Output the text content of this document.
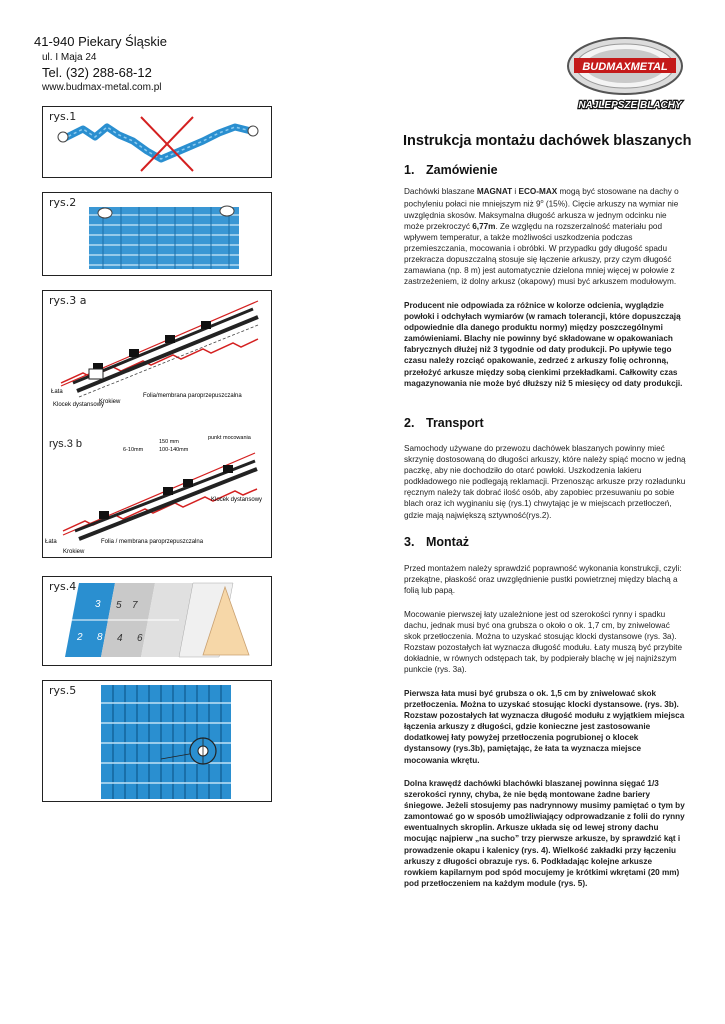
41-940 Piekary Śląskie
ul. I Maja 24
Tel. (32) 288-68-12
www.budmax-metal.com.pl
BUDMAXMETAL
NAJLEPSZE BLACHY
rys.1
rys.2
rys.3 a
Łata
Klocek dystansowy
Krokiew
Folia/membrana paroprzepuszczalna
rys.3 b	punkt mocowania
150 mm
6-10mm	100-140mm
Klocek dystansowy
Folia / membrana paroprzepuszczalna
Łata
Krokiew
rys.4
3 5 7
2 8 4 6
rys.5
Instrukcja montażu dachówek blaszanych
1. Zamówienie
Dachówki blaszane MAGNAT i ECO-MAX mogą być stosowane na dachy o pochyleniu połaci nie mniejszym niż 9$^o$ (15%). Cięcie arkuszy na wymiar nie uwzględnia skosów. Maksymalna długość arkusza w jednym odcinku nie może przekroczyć 6,77m. Ze względu na rozszerzalność materiału pod wpływem temperatur, a także możliwości uszkodzenia podczas przemieszczania, mocowania i obróbki. W przypadku gdy długość spadu przekracza dopuszczalną stosuje się łączenie arkuszy, przy czym długość zamawiana (np. 8 m) jest automatycznie dzielona mniej więcej w połowie z zastrzeżeniem, iż dolny arkusz (okapowy) musi być arkuszem modułowym.
Producent nie odpowiada za różnice w kolorze odcienia, wyglądzie powłoki i odchyłach wymiarów (w ramach tolerancji, które dopuszczają odpowiednie dla danego produktu normy) między poszczególnymi zamówieniami. Blachy nie powinny być składowane w opakowaniach fabrycznych dłużej niż 3 tygodnie od daty produkcji. Po upływie tego czasu należy rozciąć opakowanie, zedrzeć z arkuszy folię ochronną, przełożyć arkusze między sobą cienkimi przekładkami. Całkowity czas magazynowania nie może być dłuższy niż 5 miesięcy od daty produkcji.
2. Transport
Samochody używane do przewozu dachówek blaszanych powinny mieć skrzynię dostosowaną do długości arkuszy, które należy spiąć mocno w jedną paczkę, aby nie dochodziło do otarć powłoki. Uszkodzenia lakieru podkładowego nie podlegają reklamacji. Przenosząc arkusze przy rozładunku ręcznym należy tak dobrać ilość osób, aby zapobiec przesuwaniu po sobie blach oraz ich wyginaniu się (rys.1) chwytając je w miejscach przetłoczeń, gdzie mają największą sztywność(rys.2).
3. Montaż
Przed montażem należy sprawdzić poprawność wykonania konstrukcji, czyli: przekątne, płaskość oraz uwzględnienie pustki powietrznej między blachą a folią lub papą.
Mocowanie pierwszej łaty uzależnione jest od szerokości rynny i spadku dachu, jednak musi być ona grubsza o około o ok. 1,7 cm, by zniwelować skok przetłoczenia. Można to uzyskać stosując klocki dystansowe (rys. 3a). Rozstaw pozostałych łat wyznacza długość modułu. Łaty muszą być przybite dokładnie, w równych odstępach tak, by podpierały blachę w jej najniższym punkcie (rys. 3a).
Pierwsza łata musi być grubsza o ok. 1,5 cm by zniwelować skok przetłoczenia. Można to uzyskać stosując klocki dystansowe. (rys. 3b). Rozstaw pozostałych łat wyznacza długość modułu z wyjątkiem miejsca łączenia arkuszy z długości, gdzie konieczne jest zastosowanie dodatkowej łaty powyżej przetłoczenia pogrubionej o klocek dystansowy (rys.3b), pamiętając, że łata ta wyznacza miejsce mocowania wkrętu.
Dolna krawędź dachówki blachówki blaszanej powinna sięgać 1/3 szerokości rynny, chyba, że nie będą montowane żadne bariery śniegowe. Jeżeli stosujemy pas nadrynnowy musimy pamiętać o tym by zamontować go w sposób umożliwiający odprowadzanie z folii do rynny ewentualnych skroplin. Arkusze układa się od lewej strony dachu mocując najpierw „na sucho” trzy pierwsze arkusze, by sprawdzić kąt i prowadzenie okapu i kalenicy (rys. 4). Wielkość zakładki przy łączeniu arkuszy z długości obrazuje rys. 6. Podkładając kolejne arkusze rowkiem kapilarnym pod spód mocujemy je krótkimi wkrętami (20 mm) pod przetłoczeniem na każdym module (rys. 5).
